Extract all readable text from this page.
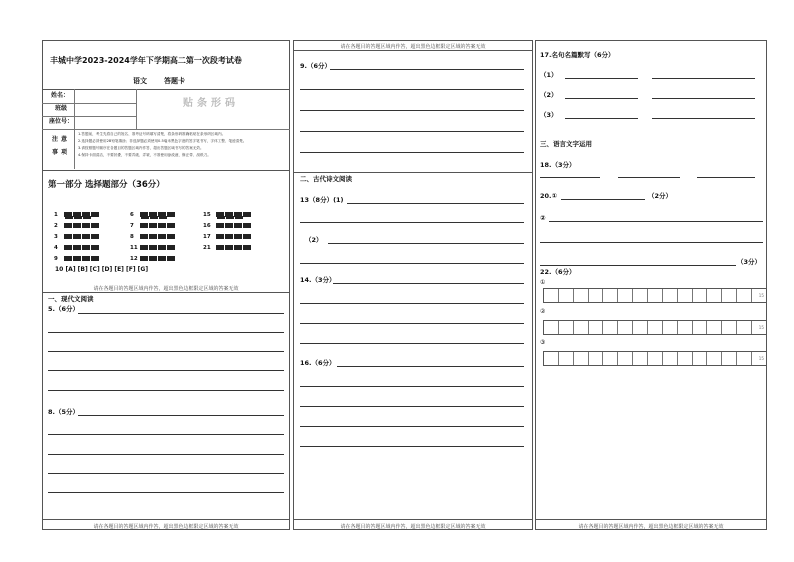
丰城中学2023-2024学年下学期高二第一次段考试卷
语文 答题卡
姓名：
班级
座位号：
贴条形码
注意
事项
1.答题前，考生先将自己的姓名、准考证号码填写清楚，将条形码准确粘贴在条形码区域内。
2.选择题必须使用2B铅笔填涂；非选择题必须使用0.5毫米黑色字迹的签字笔书写，字体工整、笔迹清楚。
3.请按照题号顺序在各题目的答题区域内作答，超出答题区域书写的答案无效。
4.保持卡面清洁，不要折叠，不要弄破、弄皱，不准使用涂改液、修正带、刮纸刀。
第一部分 选择题部分（36分）
1	6	15
2	7	16
3	8	17
4	11	21
9	12
10 [A] [B] [C] [D] [E] [F] [G]
请在各题目的答题区域内作答，超出黑色边框限定区域的答案无效
一、现代文阅读
5.（6分）
8.（5分）
请在各题目的答题区域内作答，超出黑色边框限定区域的答案无效
请在各题目的答题区域内作答，超出黑色边框限定区域的答案无效
9.（6分）
二、古代诗文阅读
13（8分）(1)
（2）
14.（3分）
16.（6分）
请在各题目的答题区域内作答，超出黑色边框限定区域的答案无效
17.名句名篇默写（6分）
（1）
（2）
（3）
三、语言文字运用
18.（3分）
20.①	（2分）
②
（3分）
22.（6分）
①
15
②
15
③
15
请在各题目的答题区域内作答，超出黑色边框限定区域的答案无效
